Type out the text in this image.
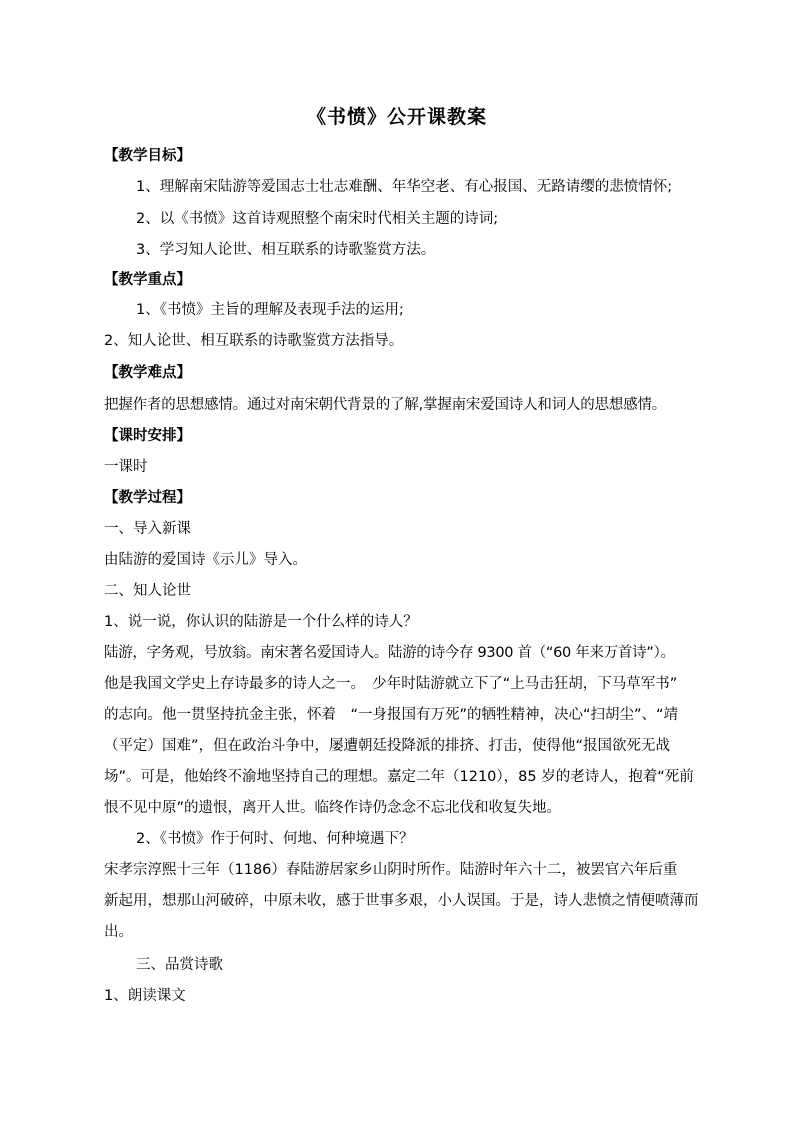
《书愤》公开课教案
【教学目标】
1、理解南宋陆游等爱国志士壮志难酬、年华空老、有心报国、无路请缨的悲愤情怀;
2、以《书愤》这首诗观照整个南宋时代相关主题的诗词;
3、学习知人论世、相互联系的诗歌鉴赏方法。
【教学重点】
1、《书愤》主旨的理解及表现手法的运用;
2、知人论世、相互联系的诗歌鉴赏方法指导。
【教学难点】
把握作者的思想感情。通过对南宋朝代背景的了解,掌握南宋爱国诗人和词人的思想感情。
【课时安排】
一课时
【教学过程】
一、导入新课
由陆游的爱国诗《示儿》导入。
二、知人论世
1、说一说，你认识的陆游是一个什么样的诗人？
陆游，字务观，号放翁。南宋著名爱国诗人。陆游的诗今存 9300 首（“60 年来万首诗”）。
他是我国文学史上存诗最多的诗人之一。　少年时陆游就立下了“上马击狂胡，下马草军书”
的志向。他一贯坚持抗金主张，怀着　“一身报国有万死”的牺牲精神，决心“扫胡尘”、“靖
（平定）国难”，但在政治斗争中，屡遭朝廷投降派的排挤、打击，使得他“报国欲死无战
场”。可是，他始终不渝地坚持自己的理想。嘉定二年（1210），85 岁的老诗人，抱着“死前
恨不见中原”的遗恨，离开人世。临终作诗仍念念不忘北伐和收复失地。
2、《书愤》作于何时、何地、何种境遇下？
宋孝宗淳熙十三年（1186）春陆游居家乡山阴时所作。陆游时年六十二，被罢官六年后重
新起用，想那山河破碎，中原未收，感于世事多艰，小人误国。于是，诗人悲愤之情便喷薄而
出。
三、品赏诗歌
1、朗读课文
